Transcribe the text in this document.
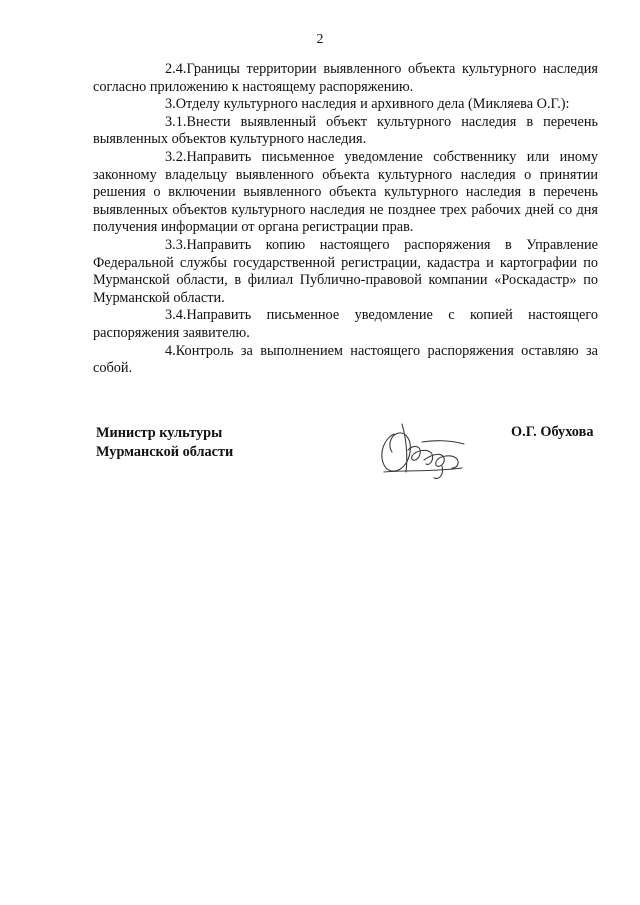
2

2.4.Границы территории выявленного объекта культурного наследия согласно приложению к настоящему распоряжению.

3.Отделу культурного наследия и архивного дела (Микляева О.Г.):

3.1.Внести выявленный объект культурного наследия в перечень выявленных объектов культурного наследия.

3.2.Направить письменное уведомление собственнику или иному законному владельцу выявленного объекта культурного наследия о принятии решения о включении выявленного объекта культурного наследия в перечень выявленных объектов культурного наследия не позднее трех рабочих дней со дня получения информации от органа регистрации прав.

3.3.Направить копию настоящего распоряжения в Управление Федеральной службы государственной регистрации, кадастра и картографии по Мурманской области, в филиал Публично-правовой компании «Роскадастр» по Мурманской области.

3.4.Направить письменное уведомление с копией настоящего распоряжения заявителю.

4.Контроль за выполнением настоящего распоряжения оставляю за собой.

Министр культуры
Мурманской области
О.Г. Обухова
